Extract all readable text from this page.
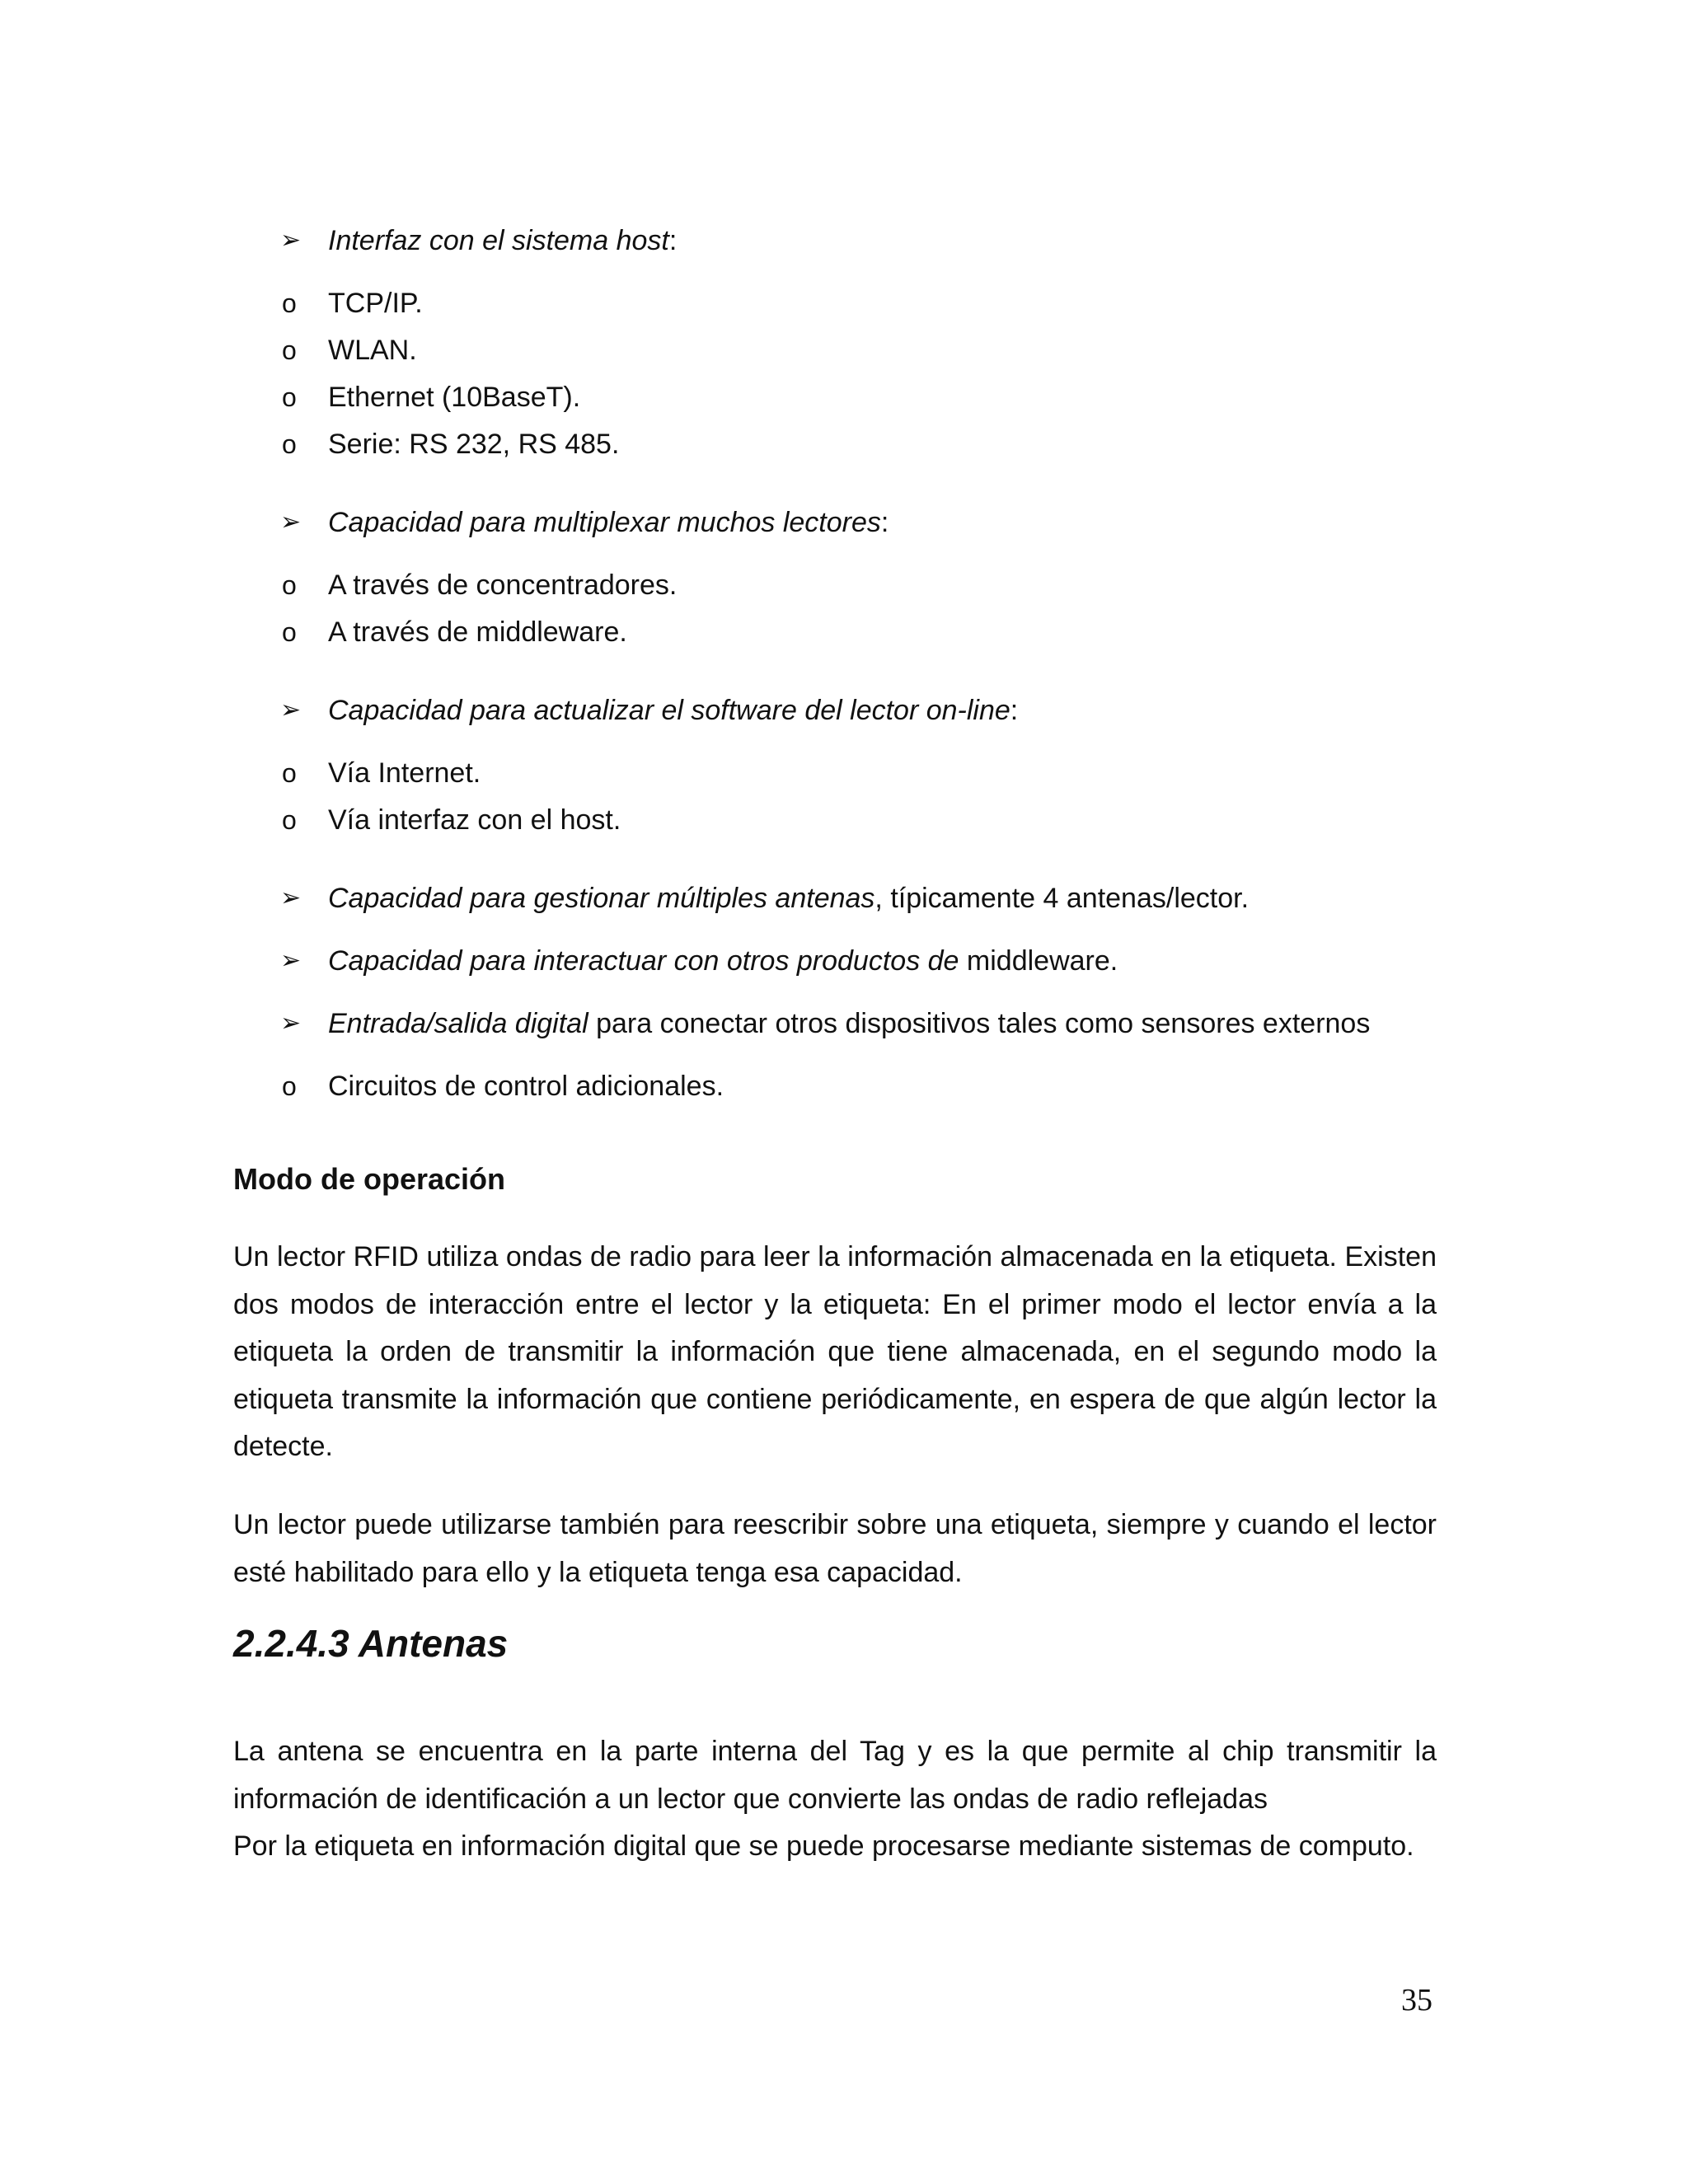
➢ Interfaz con el sistema host:
o TCP/IP.
o WLAN.
o Ethernet (10BaseT).
o Serie: RS 232, RS 485.
➢ Capacidad para multiplexar muchos lectores:
o A través de concentradores.
o A través de middleware.
➢ Capacidad para actualizar el software del lector on-line:
o Vía Internet.
o Vía interfaz con el host.
➢ Capacidad para gestionar múltiples antenas, típicamente 4 antenas/lector.
➢ Capacidad para interactuar con otros productos de middleware.
➢ Entrada/salida digital para conectar otros dispositivos tales como sensores externos
o Circuitos de control adicionales.
Modo de operación
Un lector RFID utiliza ondas de radio para leer la información almacenada en la etiqueta. Existen
dos modos de interacción entre el lector y la etiqueta: En el primer modo el lector envía a la
etiqueta la orden de transmitir la información que tiene almacenada, en el segundo modo la
etiqueta transmite la información que contiene periódicamente, en espera de que algún lector la
detecte.
Un lector puede utilizarse también para reescribir sobre una etiqueta, siempre y cuando el lector
esté habilitado para ello y la etiqueta tenga esa capacidad.
2.2.4.3 Antenas
La antena se encuentra en la parte interna del Tag y es la que permite al chip transmitir la
información de identificación a un lector que convierte las ondas de radio reflejadas
Por la etiqueta en información digital que se puede procesarse mediante sistemas de computo.
35
